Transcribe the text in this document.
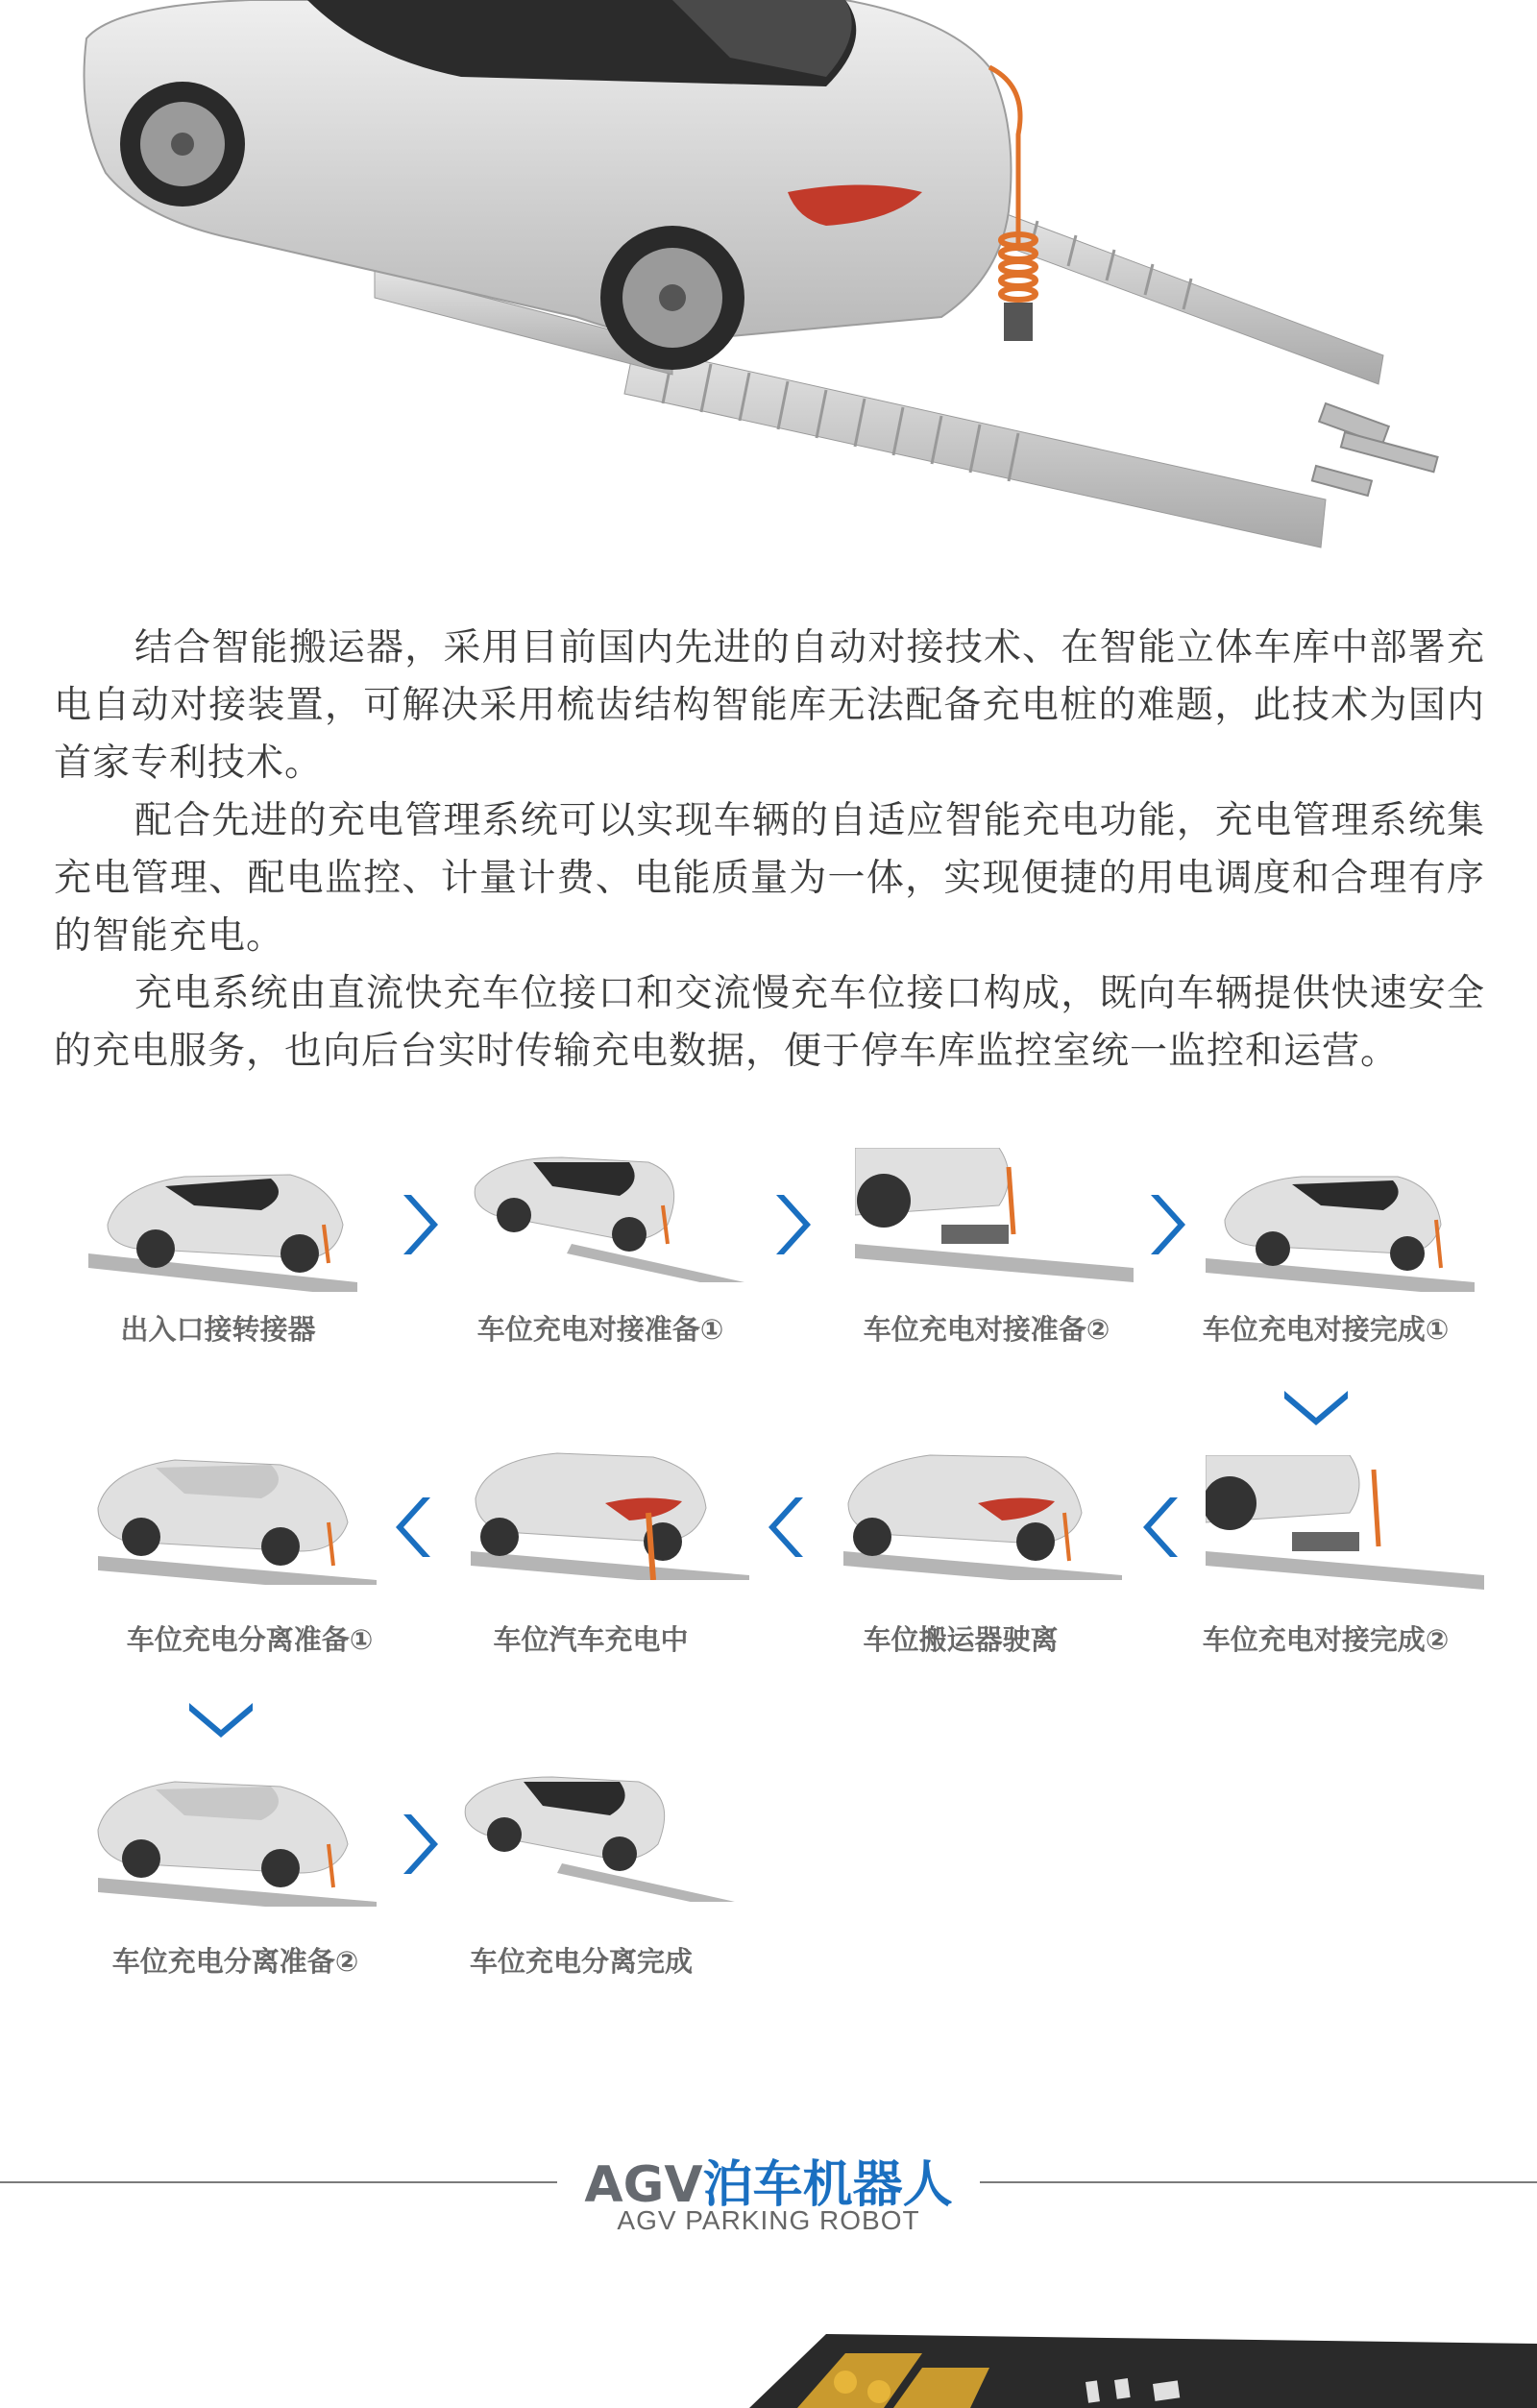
结合智能搬运器，采用目前国内先进的自动对接技术、在智能立体车库中部署充电自动对接装置，可解决采用梳齿结构智能库无法配备充电桩的难题，此技术为国内首家专利技术。

配合先进的充电管理系统可以实现车辆的自适应智能充电功能，充电管理系统集充电管理、配电监控、计量计费、电能质量为一体，实现便捷的用电调度和合理有序的智能充电。

充电系统由直流快充车位接口和交流慢充车位接口构成，既向车辆提供快速安全的充电服务，也向后台实时传输充电数据，便于停车库监控室统一监控和运营。

出入口接转接器	车位充电对接准备①	车位充电对接准备②	车位充电对接完成①
车位充电分离准备①	车位汽车充电中	车位搬运器驶离	车位充电对接完成②
车位充电分离准备②	车位充电分离完成
AGV泊车机器人
AGV PARKING ROBOT
